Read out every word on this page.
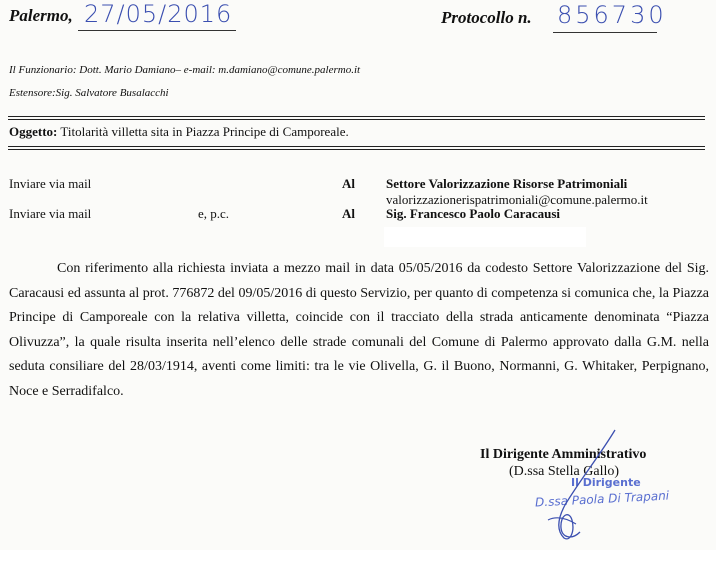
Palermo, 27/05/2016	Protocollo n. 856730
Il Funzionario: Dott. Mario Damiano– e-mail: m.damiano@comune.palermo.it
Estensore:Sig. Salvatore Busalacchi
Oggetto: Titolarità villetta sita in Piazza Principe di Camporeale.
Inviare via mail	Al Settore Valorizzazione Risorse Patrimoniali
valorizzazionerispatrimoniali@comune.palermo.it
Inviare via mail	e, p.c.	Al Sig. Francesco Paolo Caracausi
Con riferimento alla richiesta inviata a mezzo mail in data 05/05/2016 da codesto Settore Valorizzazione del Sig. Caracausi ed assunta al prot. 776872 del 09/05/2016 di questo Servizio, per quanto di competenza si comunica che, la Piazza Principe di Camporeale con la relativa villetta, coincide con il tracciato della strada anticamente denominata “Piazza Olivuzza”, la quale risulta inserita nell’elenco delle strade comunali del Comune di Palermo approvato dalla G.M. nella seduta consiliare del 28/03/1914, aventi come limiti: tra le vie Olivella, G. il Buono, Normanni, G. Whitaker, Perpignano, Noce e Serradifalco.
Il Dirigente Amministrativo
(D.ssa Stella Gallo)
Il Dirigente
D.ssa Paola Di Trapani
